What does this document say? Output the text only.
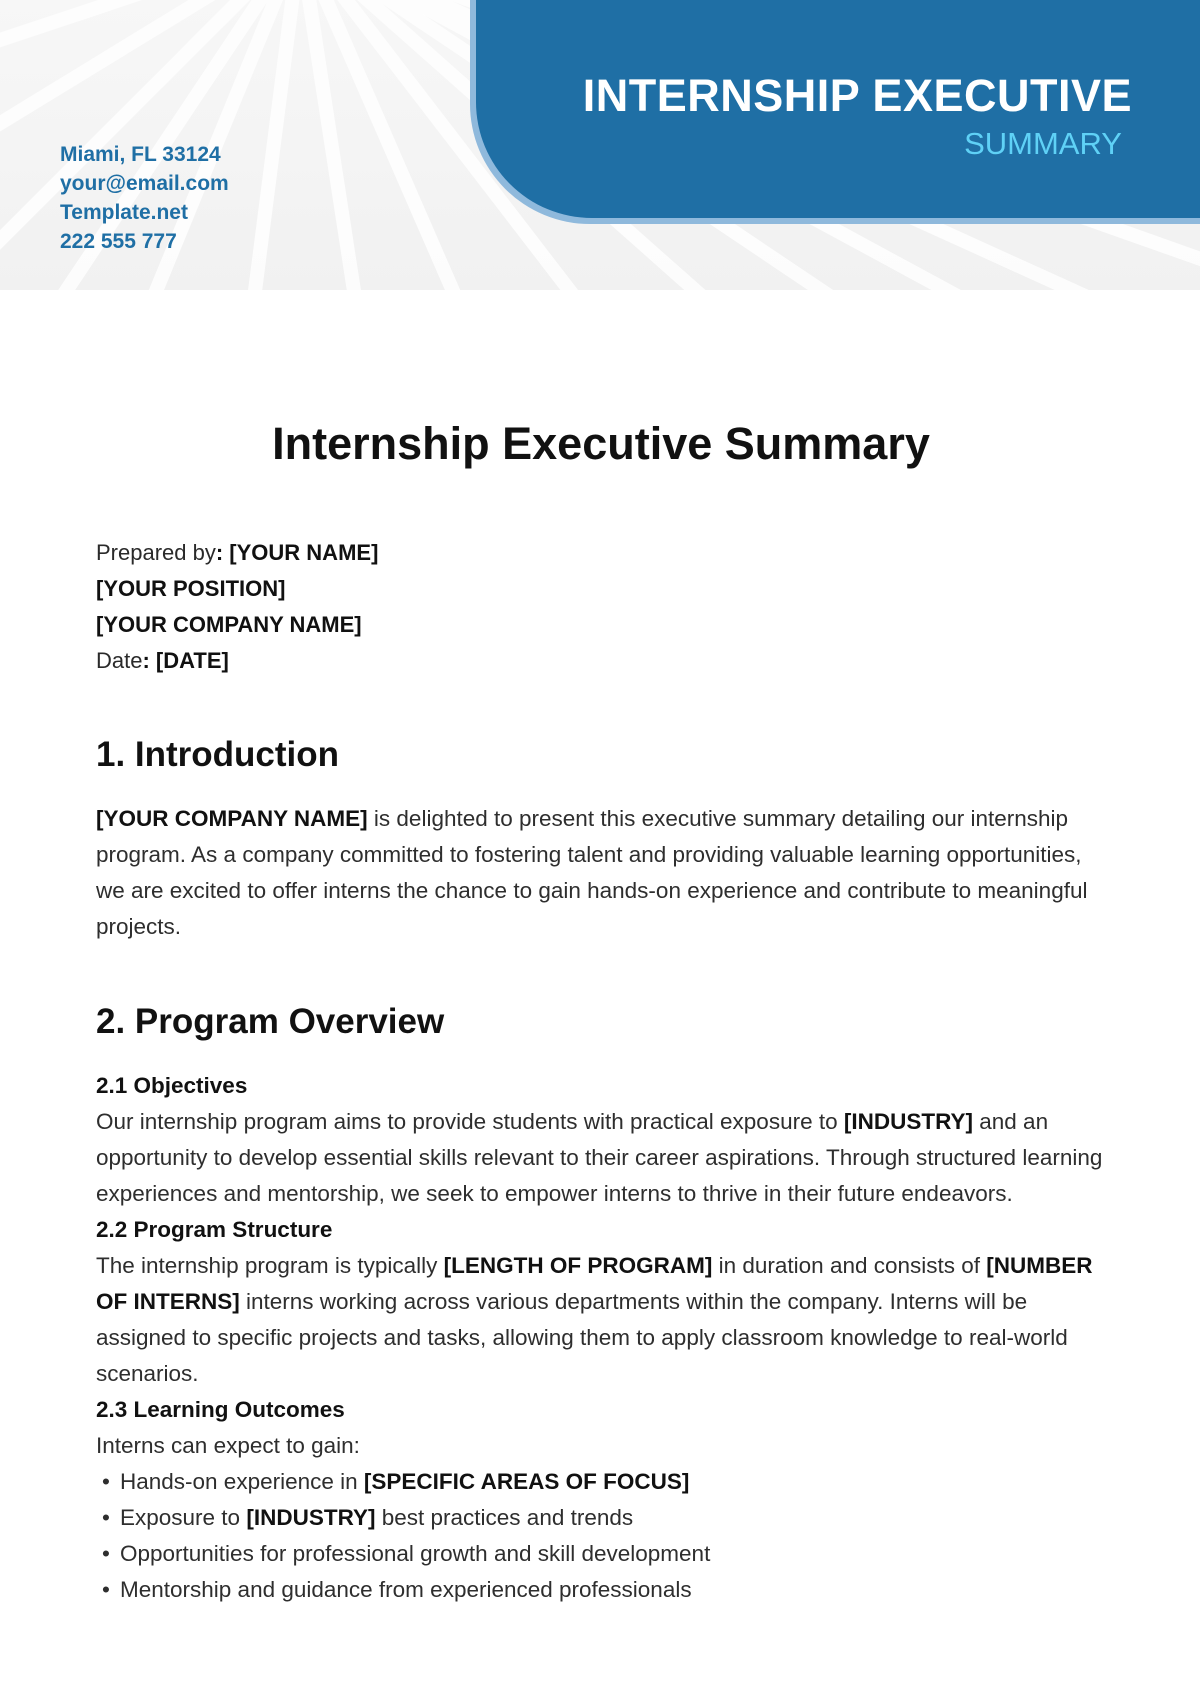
INTERNSHIP EXECUTIVE
SUMMARY
Miami, FL 33124
your@email.com
Template.net
222 555 777
Internship Executive Summary
Prepared by: [YOUR NAME]
[YOUR POSITION]
[YOUR COMPANY NAME]
Date: [DATE]
1. Introduction
[YOUR COMPANY NAME] is delighted to present this executive summary detailing our internship program. As a company committed to fostering talent and providing valuable learning opportunities, we are excited to offer interns the chance to gain hands-on experience and contribute to meaningful projects.
2. Program Overview
2.1 Objectives
Our internship program aims to provide students with practical exposure to [INDUSTRY] and an opportunity to develop essential skills relevant to their career aspirations. Through structured learning experiences and mentorship, we seek to empower interns to thrive in their future endeavors.
2.2 Program Structure
The internship program is typically [LENGTH OF PROGRAM] in duration and consists of [NUMBER OF INTERNS] interns working across various departments within the company. Interns will be assigned to specific projects and tasks, allowing them to apply classroom knowledge to real-world scenarios.
2.3 Learning Outcomes
Interns can expect to gain:
• Hands-on experience in [SPECIFIC AREAS OF FOCUS]
• Exposure to [INDUSTRY] best practices and trends
• Opportunities for professional growth and skill development
• Mentorship and guidance from experienced professionals
